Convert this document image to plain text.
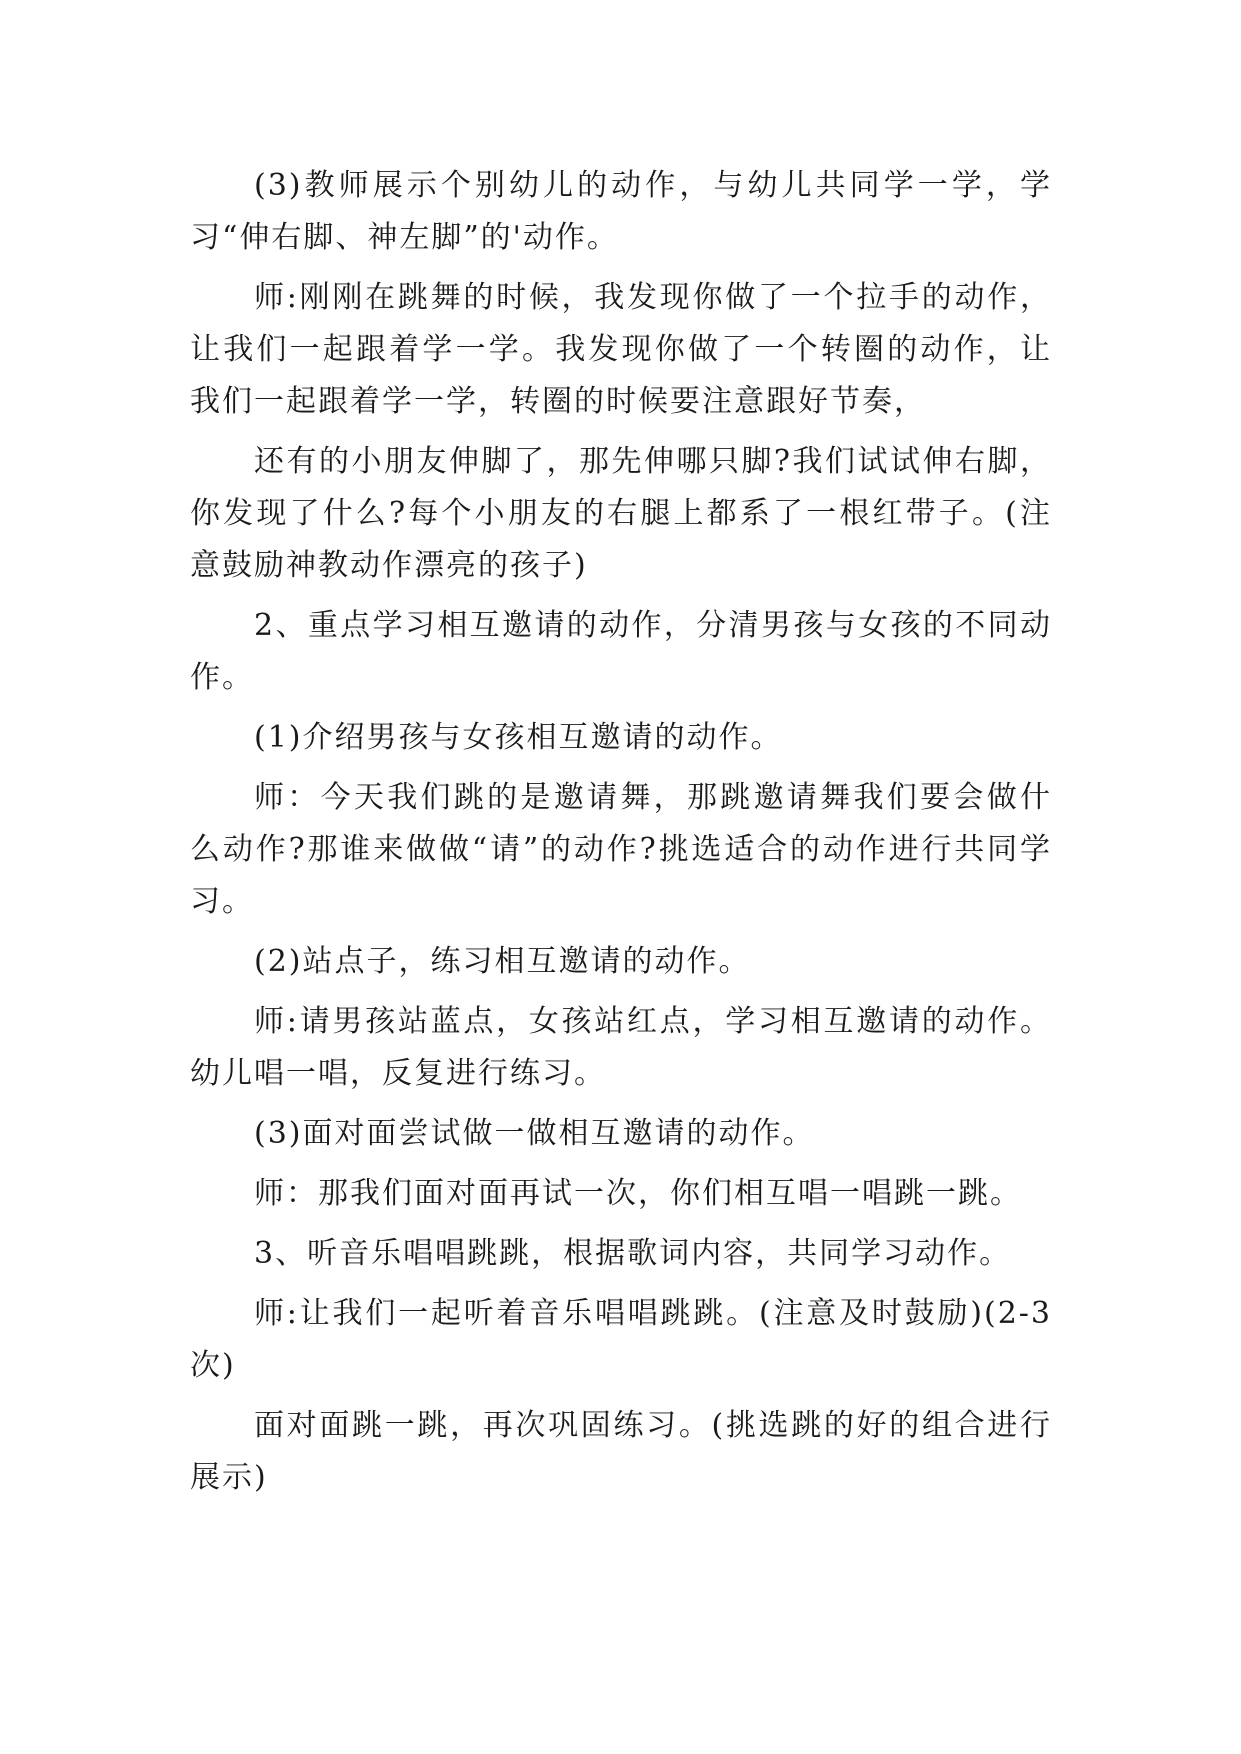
(3)教师展示个别幼儿的动作，与幼儿共同学一学，学习“伸右脚、神左脚”的'动作。

师:刚刚在跳舞的时候，我发现你做了一个拉手的动作，让我们一起跟着学一学。我发现你做了一个转圈的动作，让我们一起跟着学一学，转圈的时候要注意跟好节奏，

还有的小朋友伸脚了，那先伸哪只脚?我们试试伸右脚，你发现了什么?每个小朋友的右腿上都系了一根红带子。(注意鼓励神教动作漂亮的孩子)

2、重点学习相互邀请的动作，分清男孩与女孩的不同动作。

(1)介绍男孩与女孩相互邀请的动作。

师：今天我们跳的是邀请舞，那跳邀请舞我们要会做什么动作?那谁来做做“请”的动作?挑选适合的动作进行共同学习。

(2)站点子，练习相互邀请的动作。

师:请男孩站蓝点，女孩站红点，学习相互邀请的动作。幼儿唱一唱，反复进行练习。

(3)面对面尝试做一做相互邀请的动作。

师：那我们面对面再试一次，你们相互唱一唱跳一跳。

3、听音乐唱唱跳跳，根据歌词内容，共同学习动作。

师:让我们一起听着音乐唱唱跳跳。(注意及时鼓励)(2-3次)

面对面跳一跳，再次巩固练习。(挑选跳的好的组合进行展示)
